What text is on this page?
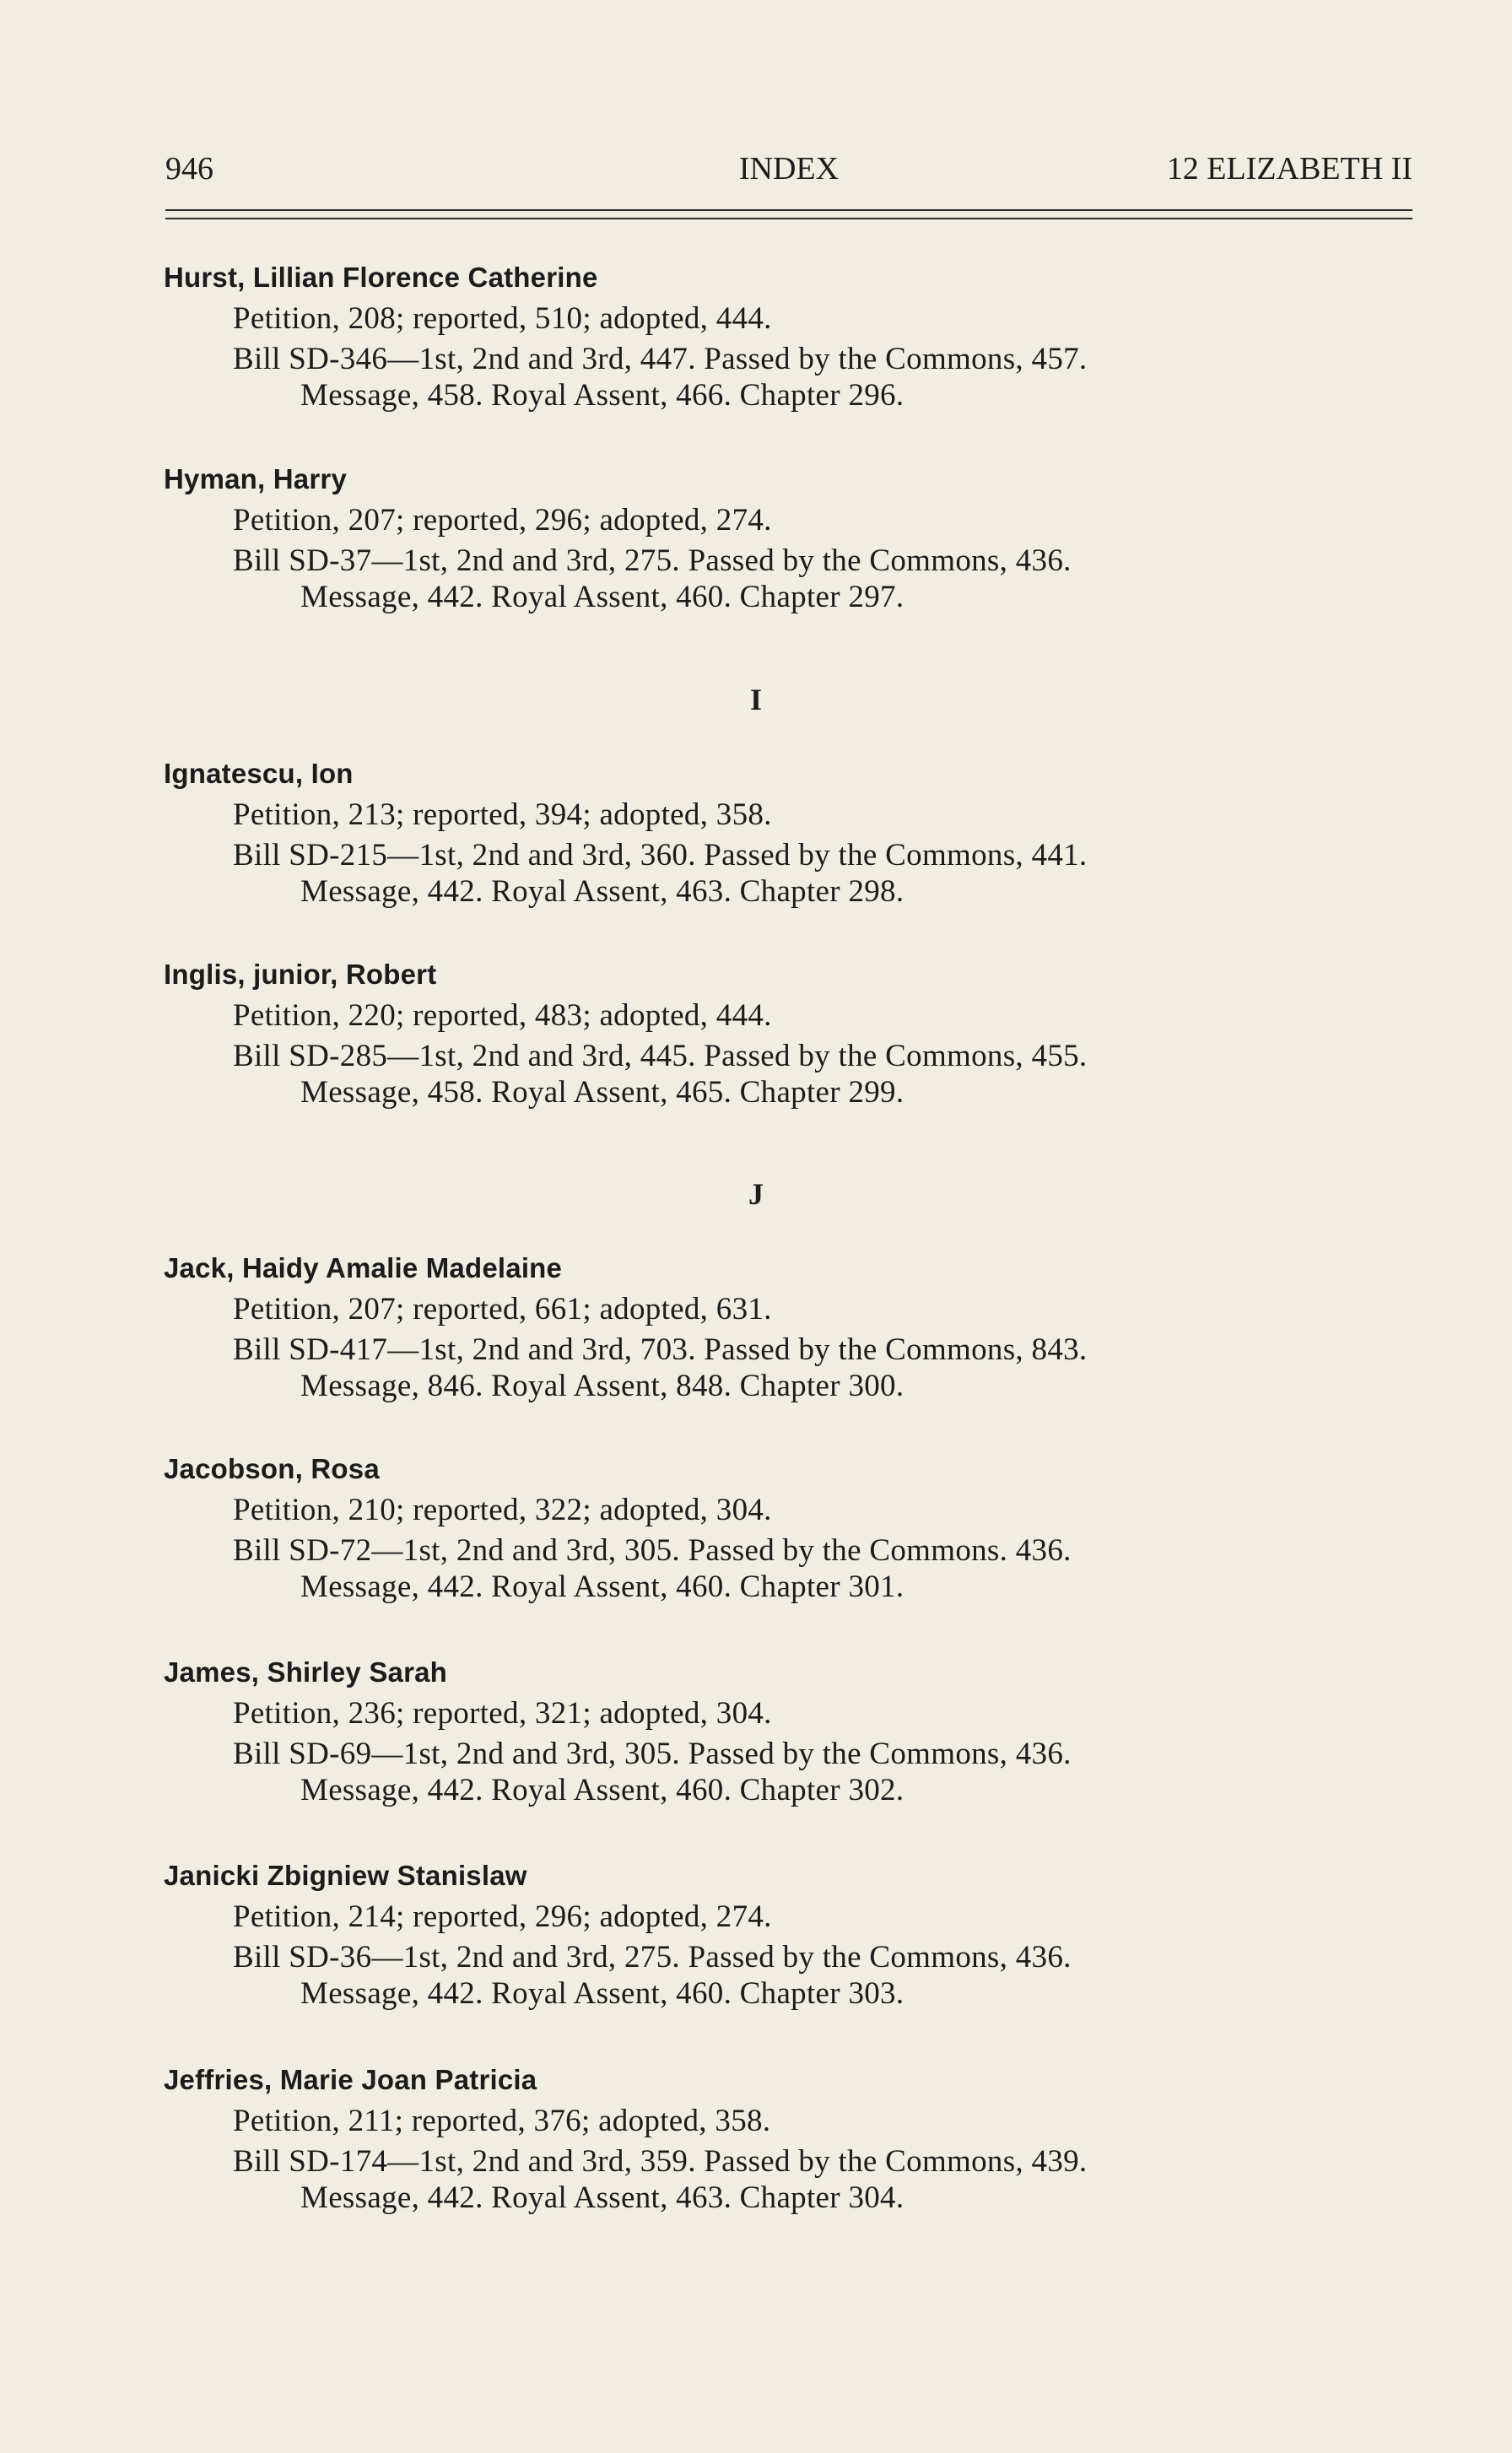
946	INDEX	12 ELIZABETH II
Hurst, Lillian Florence Catherine
Petition, 208; reported, 510; adopted, 444.
Bill SD-346—1st, 2nd and 3rd, 447. Passed by the Commons, 457.
Message, 458. Royal Assent, 466. Chapter 296.
Hyman, Harry
Petition, 207; reported, 296; adopted, 274.
Bill SD-37—1st, 2nd and 3rd, 275. Passed by the Commons, 436.
Message, 442. Royal Assent, 460. Chapter 297.
I
Ignatescu, Ion
Petition, 213; reported, 394; adopted, 358.
Bill SD-215—1st, 2nd and 3rd, 360. Passed by the Commons, 441.
Message, 442. Royal Assent, 463. Chapter 298.
Inglis, junior, Robert
Petition, 220; reported, 483; adopted, 444.
Bill SD-285—1st, 2nd and 3rd, 445. Passed by the Commons, 455.
Message, 458. Royal Assent, 465. Chapter 299.
J
Jack, Haidy Amalie Madelaine
Petition, 207; reported, 661; adopted, 631.
Bill SD-417—1st, 2nd and 3rd, 703. Passed by the Commons, 843.
Message, 846. Royal Assent, 848. Chapter 300.
Jacobson, Rosa
Petition, 210; reported, 322; adopted, 304.
Bill SD-72—1st, 2nd and 3rd, 305. Passed by the Commons. 436.
Message, 442. Royal Assent, 460. Chapter 301.
James, Shirley Sarah
Petition, 236; reported, 321; adopted, 304.
Bill SD-69—1st, 2nd and 3rd, 305. Passed by the Commons, 436.
Message, 442. Royal Assent, 460. Chapter 302.
Janicki Zbigniew Stanislaw
Petition, 214; reported, 296; adopted, 274.
Bill SD-36—1st, 2nd and 3rd, 275. Passed by the Commons, 436.
Message, 442. Royal Assent, 460. Chapter 303.
Jeffries, Marie Joan Patricia
Petition, 211; reported, 376; adopted, 358.
Bill SD-174—1st, 2nd and 3rd, 359. Passed by the Commons, 439.
Message, 442. Royal Assent, 463. Chapter 304.
